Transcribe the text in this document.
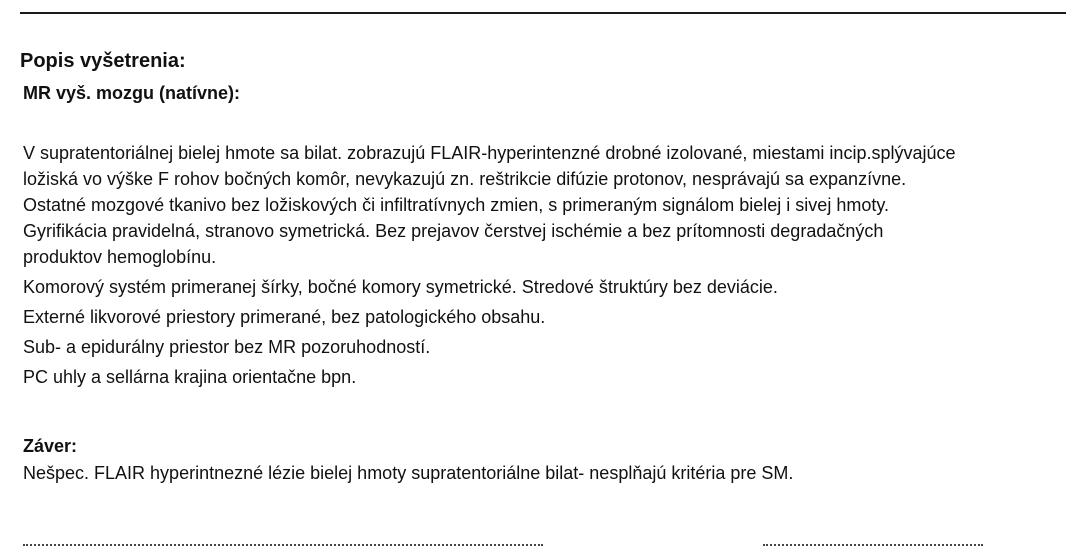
Popis vyšetrenia:
MR vyš. mozgu (natívne):

V supratentoriálnej bielej hmote sa bilat. zobrazujú FLAIR-hyperintenzné drobné izolované, miestami incip.splývajúce
ložiská vo výške F rohov bočných komôr, nevykazujú zn. reštrikcie difúzie protonov, nesprávajú sa expanzívne.
Ostatné mozgové tkanivo bez ložiskových či infiltratívnych zmien, s primeraným signálom bielej i sivej hmoty.
Gyrifikácia pravidelná, stranovo symetrická. Bez prejavov čerstvej ischémie a bez prítomnosti degradačných
produktov hemoglobínu.

Komorový systém primeranej šírky, bočné komory symetrické. Stredové štruktúry bez deviácie.

Externé likvorové priestory primerané, bez patologického obsahu.

Sub- a epidurálny priestor bez MR pozoruhodností.

PC uhly a sellárna krajina orientačne bpn.

Záver:
Nešpec. FLAIR hyperintnezné lézie bielej hmoty supratentoriálne bilat- nesplňajú kritéria pre SM.
